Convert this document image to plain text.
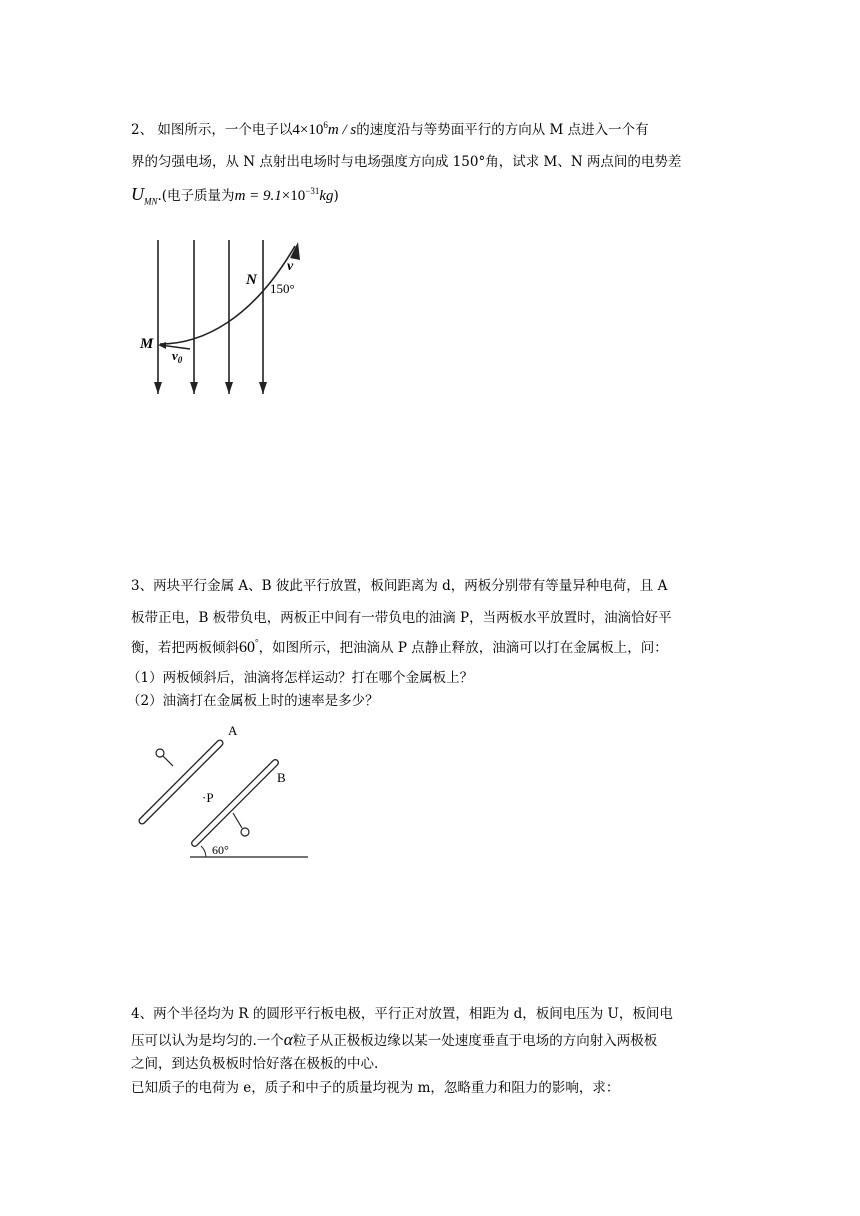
2、 如图所示，一个电子以$4\times 10^6m / s$的速度沿与等势面平行的方向从 M 点进入一个有
界的匀强电场，从 N 点射出电场时与电场强度方向成 150°角，试求 M、N 两点间的电势差
$U_{MN}$.(电子质量为$m = 9.1\times 10^{-31}kg$)
M
N
v
150°
$v_0$
3、两块平行金属 A、B 彼此平行放置，板间距离为 d，两板分别带有等量异种电荷，且 A
板带正电，B 板带负电，两板正中间有一带负电的油滴 P，当两板水平放置时，油滴恰好平
衡，若把两板倾斜60°，如图所示，把油滴从 P 点静止释放，油滴可以打在金属板上，问：
（1）两板倾斜后，油滴将怎样运动？打在哪个金属板上？
（2）油滴打在金属板上时的速率是多少？
A
B
·P
60°
4、两个半径均为 R 的圆形平行板电极，平行正对放置，相距为 d，板间电压为 U，板间电
压可以认为是均匀的.一个α粒子从正极板边缘以某一处速度垂直于电场的方向射入两极板
之间，到达负极板时恰好落在极板的中心.
已知质子的电荷为 e，质子和中子的质量均视为 m，忽略重力和阻力的影响，求：
